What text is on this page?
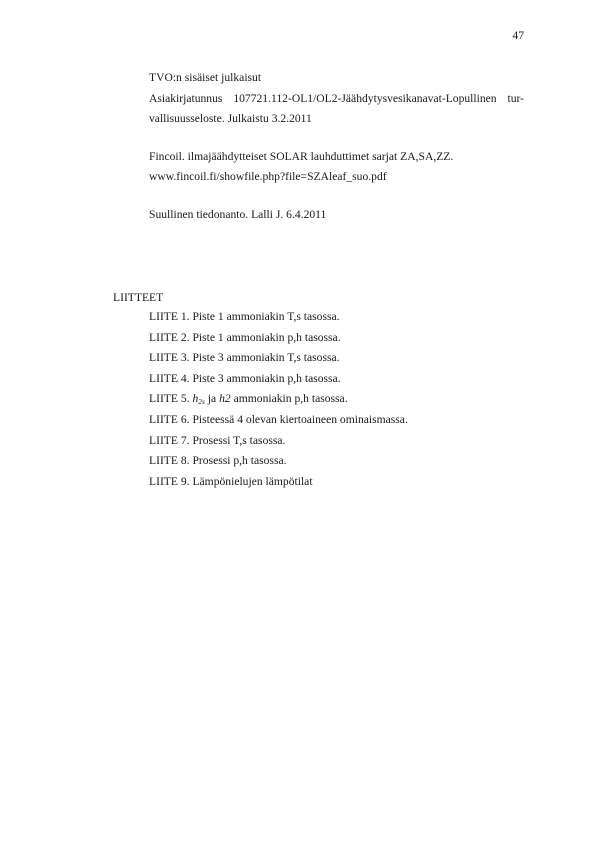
47
TVO:n sisäiset julkaisut
Asiakirjatunnus 107721.112-OL1/OL2-Jäähdytysvesikanavat-Lopullinen tur-
vallisuusseloste. Julkaistu 3.2.2011
Fincoil. ilmajäähdytteiset SOLAR lauhduttimet sarjat ZA,SA,ZZ.
www.fincoil.fi/showfile.php?file=SZAleaf_suo.pdf
Suullinen tiedonanto. Lalli J. 6.4.2011
LIITTEET
LIITE 1. Piste 1 ammoniakin T,s tasossa.
LIITE 2. Piste 1 ammoniakin p,h tasossa.
LIITE 3. Piste 3 ammoniakin T,s tasossa.
LIITE 4. Piste 3 ammoniakin p,h tasossa.
LIITE 5. $h_{2s}$ ja h2 ammoniakin p,h tasossa.
LIITE 6. Pisteessä 4 olevan kiertoaineen ominaismassa.
LIITE 7. Prosessi T,s tasossa.
LIITE 8. Prosessi p,h tasossa.
LIITE 9. Lämpönielujen lämpötilat
